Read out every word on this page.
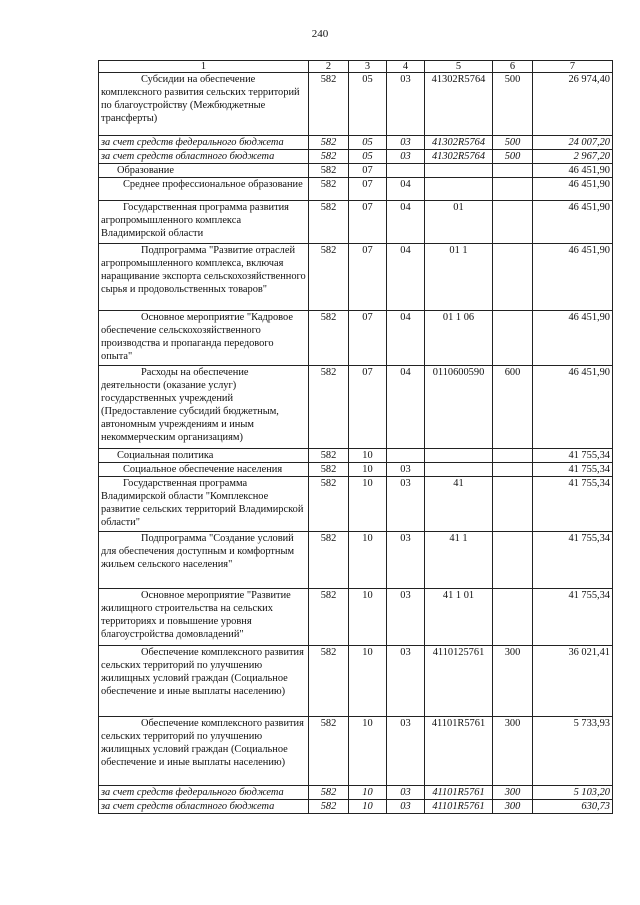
240
1	2	3	4	5	6	7
Субсидии на обеспечение комплексного развития сельских территорий по благоустройству (Межбюджетные трансферты)	582	05	03	41302R5764	500	26 974,40
за счет средств федерального бюджета	582	05	03	41302R5764	500	24 007,20
за счет средств областного бюджета	582	05	03	41302R5764	500	2 967,20
Образование	582	07				46 451,90
Среднее профессиональное образование	582	07	04			46 451,90
Государственная программа развития агропромышленного комплекса Владимирской области	582	07	04	01		46 451,90
Подпрограмма "Развитие отраслей агропромышленного комплекса, включая наращивание экспорта сельскохозяйственного сырья и продовольственных товаров"	582	07	04	01 1		46 451,90
Основное мероприятие "Кадровое обеспечение сельскохозяйственного производства и пропаганда передового опыта"	582	07	04	01 1 06		46 451,90
Расходы на обеспечение деятельности (оказание услуг) государственных учреждений (Предоставление субсидий бюджетным, автономным учреждениям и иным некоммерческим организациям)	582	07	04	0110600590	600	46 451,90
Социальная политика	582	10				41 755,34
Социальное обеспечение населения	582	10	03			41 755,34
Государственная программа Владимирской области "Комплексное развитие сельских территорий Владимирской области"	582	10	03	41		41 755,34
Подпрограмма "Создание условий для обеспечения доступным и комфортным жильем сельского населения"	582	10	03	41 1		41 755,34
Основное мероприятие "Развитие жилищного строительства на сельских территориях и повышение уровня благоустройства домовладений"	582	10	03	41 1 01		41 755,34
Обеспечение комплексного развития сельских территорий по улучшению жилищных условий граждан (Социальное обеспечение и иные выплаты населению)	582	10	03	4110125761	300	36 021,41
Обеспечение комплексного развития сельских территорий по улучшению жилищных условий граждан (Социальное обеспечение и иные выплаты населению)	582	10	03	41101R5761	300	5 733,93
за счет средств федерального бюджета	582	10	03	41101R5761	300	5 103,20
за счет средств областного бюджета	582	10	03	41101R5761	300	630,73
